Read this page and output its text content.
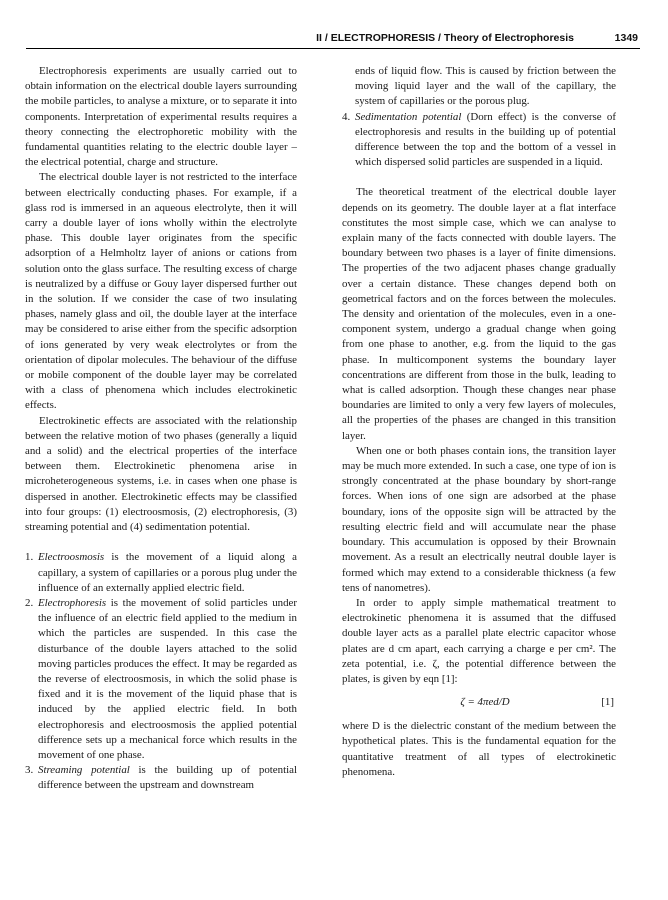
II / ELECTROPHORESIS / Theory of Electrophoresis	1349

Electrophoresis experiments are usually carried out to obtain information on the electrical double layers surrounding the mobile particles, to analyse a mixture, or to separate it into components. Interpretation of experimental results requires a theory connecting the electrophoretic mobility with the fundamental quantities relating to the electric double layer – the electrical potential, charge and structure.

The electrical double layer is not restricted to the interface between electrically conducting phases. For example, if a glass rod is immersed in an aqueous electrolyte, then it will carry a double layer of ions wholly within the electrolyte phase. This double layer originates from the specific adsorption of a Helmholtz layer of anions or cations from solution onto the glass surface. The resulting excess of charge is neutralized by a diffuse or Gouy layer dispersed further out in the solution. If we consider the case of two insulating phases, namely glass and oil, the double layer at the interface may be considered to arise either from the specific adsorption of ions generated by very weak electrolytes or from the orientation of dipolar molecules. The behaviour of the diffuse or mobile component of the double layer may be correlated with a class of phenomena which includes electrokinetic effects.

Electrokinetic effects are associated with the relationship between the relative motion of two phases (generally a liquid and a solid) and the electrical properties of the interface between them. Electrokinetic phenomena arise in microheterogeneous systems, i.e. in cases when one phase is dispersed in another. Electrokinetic effects may be classified into four groups: (1) electroosmosis, (2) electrophoresis, (3) streaming potential and (4) sedimentation potential.

1. Electroosmosis is the movement of a liquid along a capillary, a system of capillaries or a porous plug under the influence of an externally applied electric field.
2. Electrophoresis is the movement of solid particles under the influence of an electric field applied to the medium in which the particles are suspended. In this case the disturbance of the double layers attached to the solid moving particles produces the effect. It may be regarded as the reverse of electroosmosis, in which the solid phase is fixed and it is the movement of the liquid phase that is induced by the applied electric field. In both electrophoresis and electroosmosis the applied potential difference sets up a mechanical force which results in the movement of one phase.
3. Streaming potential is the building up of potential difference between the upstream and downstream
ends of liquid flow. This is caused by friction between the moving liquid layer and the wall of the capillary, the system of capillaries or the porous plug.
4. Sedimentation potential (Dorn effect) is the converse of electrophoresis and results in the building up of potential difference between the top and the bottom of a vessel in which dispersed solid particles are suspended in a liquid.

The theoretical treatment of the electrical double layer depends on its geometry. The double layer at a flat interface constitutes the most simple case, which we can analyse to explain many of the facts connected with double layers. The boundary between two phases is a layer of finite dimensions. The properties of the two adjacent phases change gradually over a certain distance. These changes depend both on geometrical factors and on the forces between the molecules. The density and orientation of the molecules, even in a one-component system, undergo a gradual change when going from one phase to another, e.g. from the liquid to the gas phase. In multicomponent systems the boundary layer concentrations are different from those in the bulk, leading to what is called adsorption. Though these changes near phase boundaries are limited to only a very few layers of molecules, all the properties of the phases are changed in this transition layer.

When one or both phases contain ions, the transition layer may be much more extended. In such a case, one type of ion is strongly concentrated at the phase boundary by short-range forces. When ions of one sign are adsorbed at the phase boundary, ions of the opposite sign will be attracted by the resulting electric field and will accumulate near the phase boundary. This accumulation is opposed by their Brownain movement. As a result an electrically neutral double layer is formed which may extend to a considerable thickness (a few tens of nanometres).

In order to apply simple mathematical treatment to electrokinetic phenomena it is assumed that the diffused double layer acts as a parallel plate electric capacitor whose plates are d cm apart, each carrying a charge e per cm². The zeta potential, i.e. ζ, the potential difference between the plates, is given by eqn [1]:

ζ = 4πed/D	[1]

where D is the dielectric constant of the medium between the hypothetical plates. This is the fundamental equation for the quantitative treatment of all types of electrokinetic phenomena.
